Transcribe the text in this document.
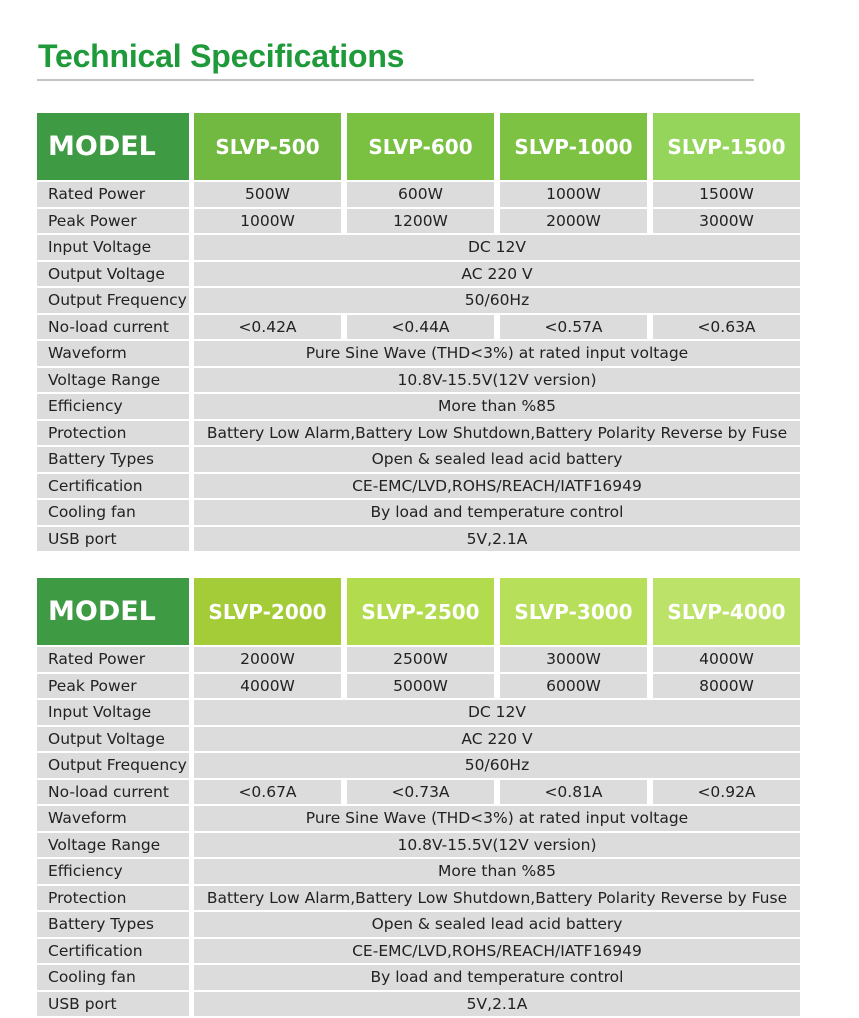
Technical Specifications
MODEL	SLVP-500	SLVP-600	SLVP-1000	SLVP-1500
Rated Power	500W	600W	1000W	1500W
Peak Power	1000W	1200W	2000W	3000W
Input Voltage	DC 12V
Output Voltage	AC 220 V
Output Frequency	50/60Hz
No-load current	<0.42A	<0.44A	<0.57A	<0.63A
Waveform	Pure Sine Wave (THD<3%) at rated input voltage
Voltage Range	10.8V-15.5V(12V version)
Efficiency	More than %85
Protection	Battery Low Alarm,Battery Low Shutdown,Battery Polarity Reverse by Fuse
Battery Types	Open & sealed lead acid battery
Certification	CE-EMC/LVD,ROHS/REACH/IATF16949
Cooling fan	By load and temperature control
USB port	5V,2.1A
MODEL	SLVP-2000	SLVP-2500	SLVP-3000	SLVP-4000
Rated Power	2000W	2500W	3000W	4000W
Peak Power	4000W	5000W	6000W	8000W
Input Voltage	DC 12V
Output Voltage	AC 220 V
Output Frequency	50/60Hz
No-load current	<0.67A	<0.73A	<0.81A	<0.92A
Waveform	Pure Sine Wave (THD<3%) at rated input voltage
Voltage Range	10.8V-15.5V(12V version)
Efficiency	More than %85
Protection	Battery Low Alarm,Battery Low Shutdown,Battery Polarity Reverse by Fuse
Battery Types	Open & sealed lead acid battery
Certification	CE-EMC/LVD,ROHS/REACH/IATF16949
Cooling fan	By load and temperature control
USB port	5V,2.1A
